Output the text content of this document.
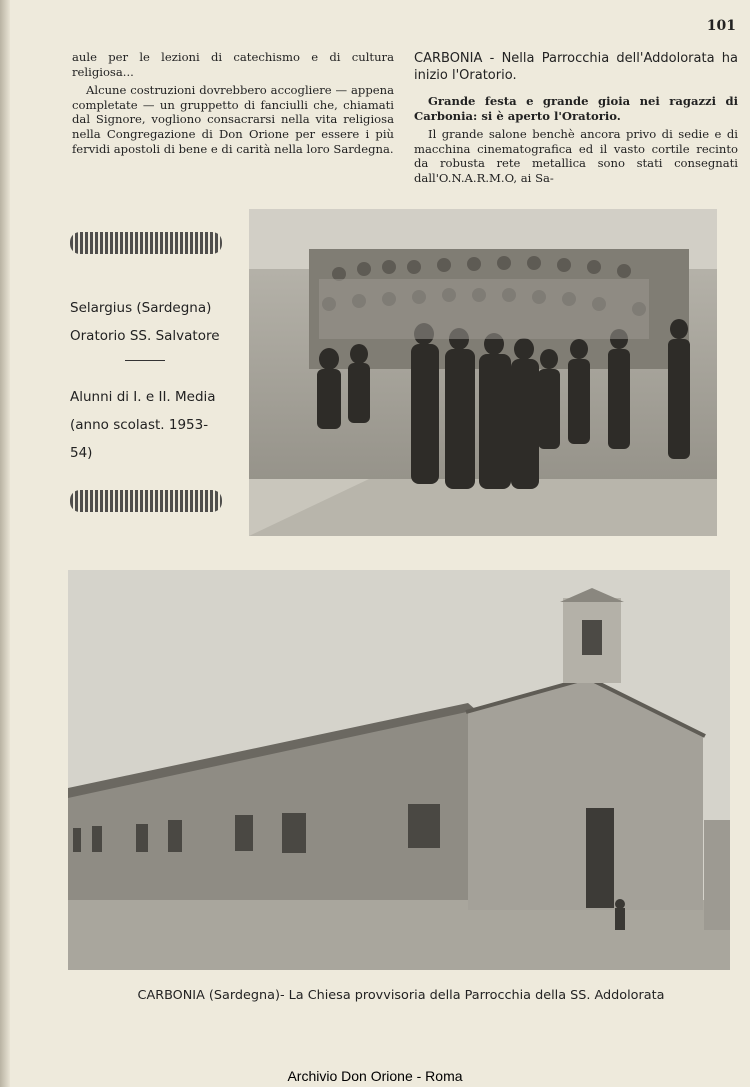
101

aule per le lezioni di catechismo e di cultura religiosa...

Alcune costruzioni dovrebbero accogliere — appena completate — un gruppetto di fanciulli che, chiamati dal Signore, vogliono consacrarsi nella vita religiosa nella Congregazione di Don Orione per essere i più fervidi apostoli di bene e di carità nella loro Sardegna.

CARBONIA - Nella Parrocchia dell'Addolorata ha inizio l'Oratorio.

Grande festa e grande gioia nei ragazzi di Carbonia: si è aperto l'Oratorio.

Il grande salone benchè ancora privo di sedie e di macchina cinematografica ed il vasto cortile recinto da robusta rete metallica sono stati consegnati dall'O.N.A.R.M.O, ai Sa-

Selargius (Sardegna)

Oratorio SS. Salvatore

Alunni di I. e II. Media

(anno scolast. 1953-54)

CARBONIA (Sardegna)- La Chiesa provvisoria della Parrocchia della SS. Addolorata
Archivio Don Orione - Roma
